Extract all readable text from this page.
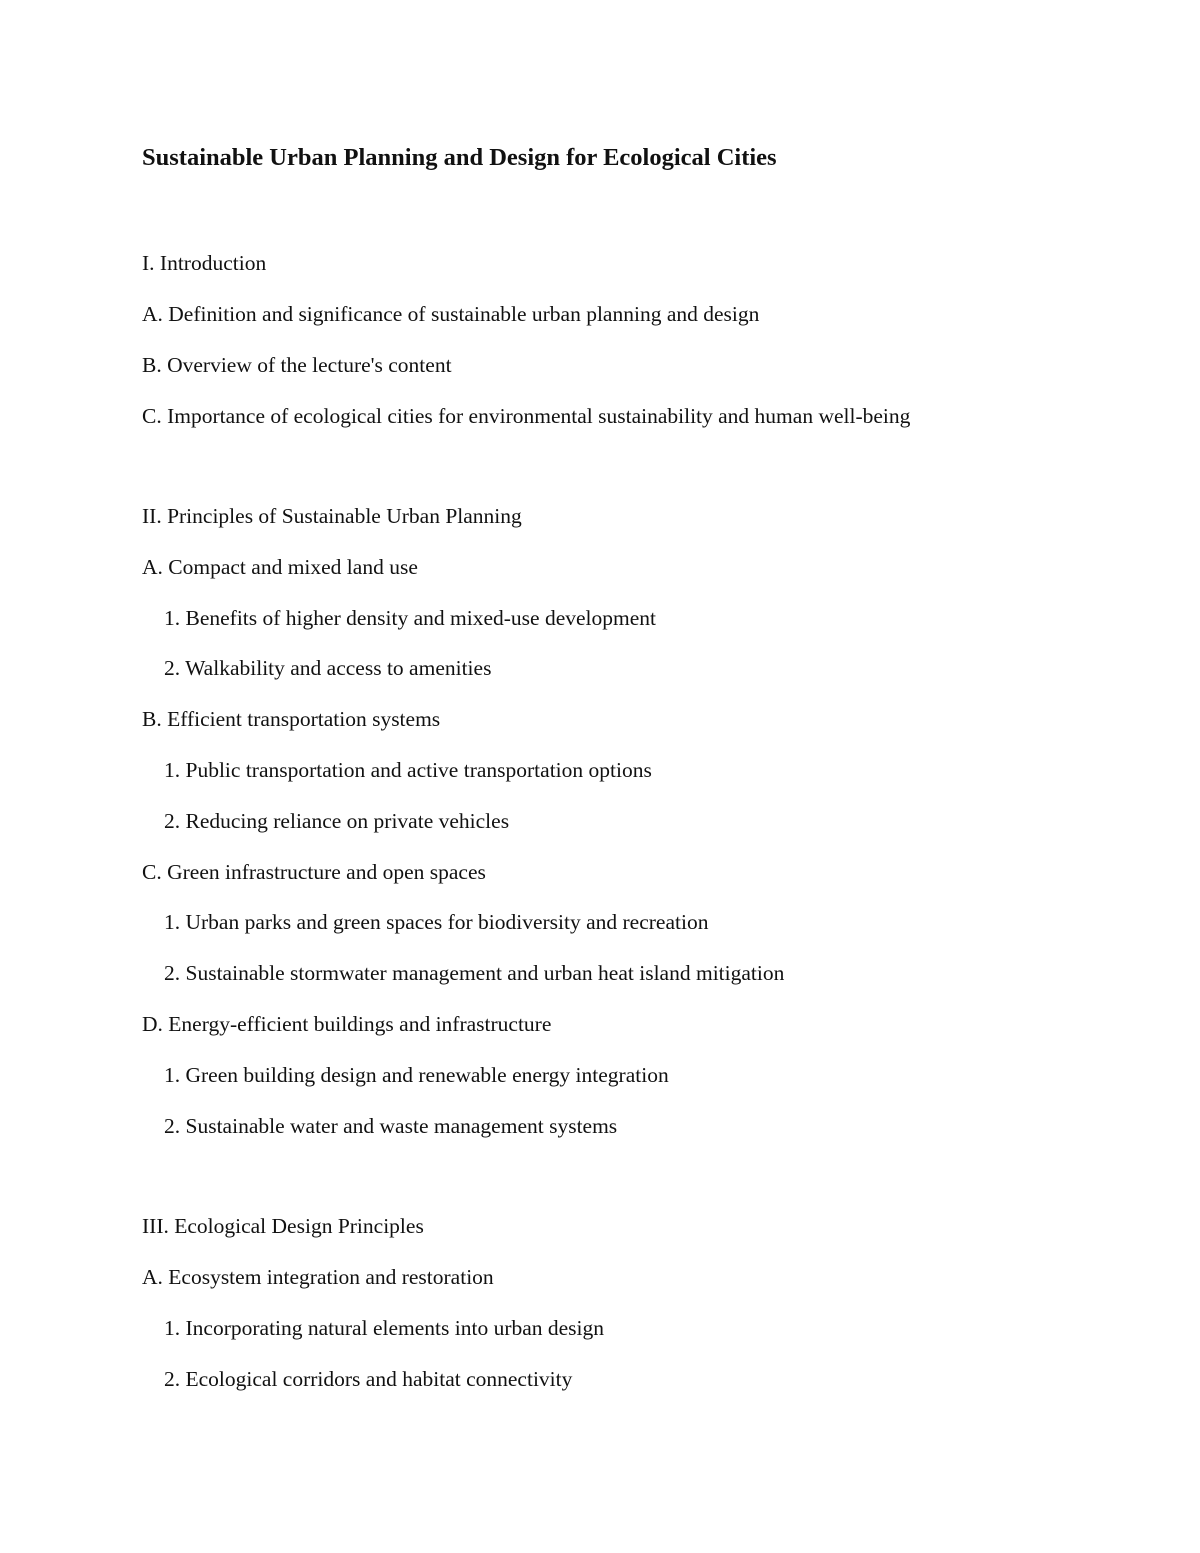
Sustainable Urban Planning and Design for Ecological Cities
I. Introduction
A. Definition and significance of sustainable urban planning and design
B. Overview of the lecture's content
C. Importance of ecological cities for environmental sustainability and human well-being
II. Principles of Sustainable Urban Planning
A. Compact and mixed land use
1. Benefits of higher density and mixed-use development
2. Walkability and access to amenities
B. Efficient transportation systems
1. Public transportation and active transportation options
2. Reducing reliance on private vehicles
C. Green infrastructure and open spaces
1. Urban parks and green spaces for biodiversity and recreation
2. Sustainable stormwater management and urban heat island mitigation
D. Energy-efficient buildings and infrastructure
1. Green building design and renewable energy integration
2. Sustainable water and waste management systems
III. Ecological Design Principles
A. Ecosystem integration and restoration
1. Incorporating natural elements into urban design
2. Ecological corridors and habitat connectivity
